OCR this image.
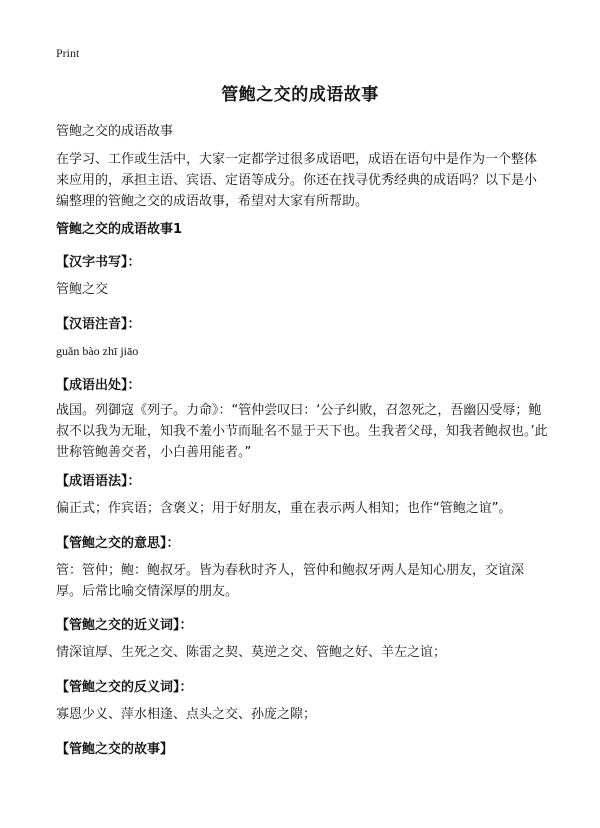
Print
管鲍之交的成语故事
管鲍之交的成语故事
在学习、工作或生活中，大家一定都学过很多成语吧，成语在语句中是作为一个整体来应用的，承担主语、宾语、定语等成分。你还在找寻优秀经典的成语吗？以下是小编整理的管鲍之交的成语故事，希望对大家有所帮助。
管鲍之交的成语故事1
【汉字书写】：
管鲍之交
【汉语注音】：
guǎn bào zhī jiāo
【成语出处】：
战国。列御寇《列子。力命》：“管仲尝叹曰：‘公子纠败，召忽死之，吾幽囚受辱；鲍叔不以我为无耻，知我不羞小节而耻名不显于天下也。生我者父母，知我者鲍叔也。’此世称管鲍善交者，小白善用能者。”
【成语语法】：
偏正式；作宾语；含褒义；用于好朋友，重在表示两人相知；也作“管鲍之谊”。
【管鲍之交的意思】：
管：管仲；鲍：鲍叔牙。皆为春秋时齐人，管仲和鲍叔牙两人是知心朋友，交谊深厚。后常比喻交情深厚的朋友。
【管鲍之交的近义词】：
情深谊厚、生死之交、陈雷之契、莫逆之交、管鲍之好、羊左之谊；
【管鲍之交的反义词】：
寡恩少义、萍水相逢、点头之交、孙庞之隙；
【管鲍之交的故事】
